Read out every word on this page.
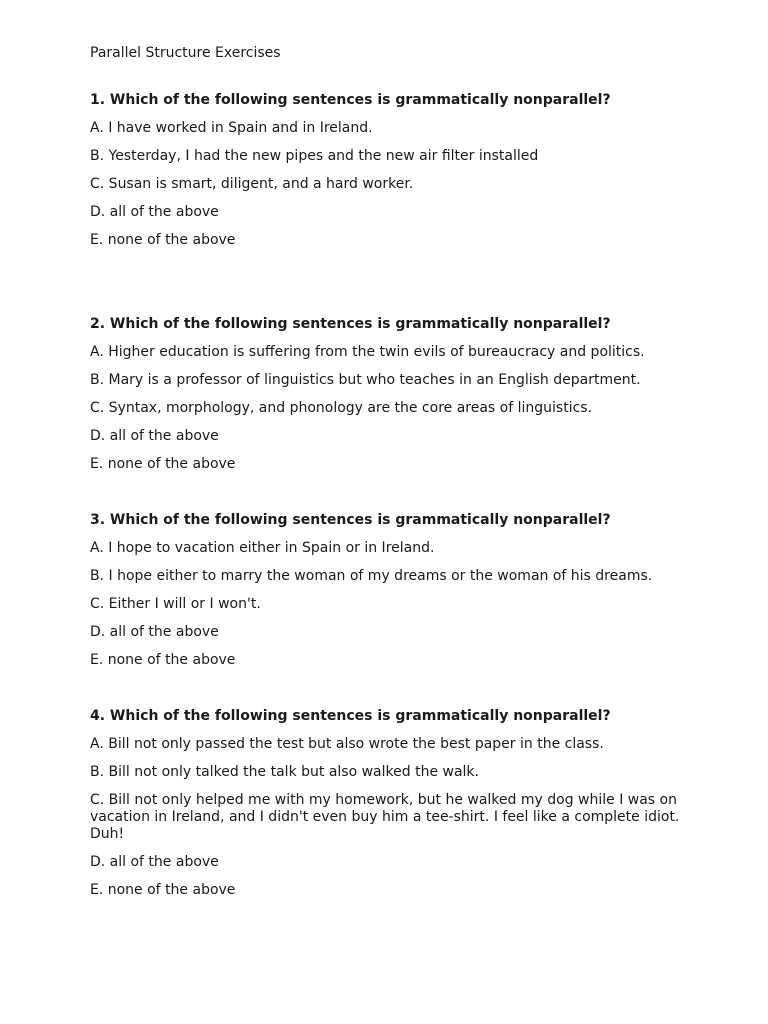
Parallel Structure Exercises

1. Which of the following sentences is grammatically nonparallel?

A. I have worked in Spain and in Ireland.

B. Yesterday, I had the new pipes and the new air filter installed

C. Susan is smart, diligent, and a hard worker.

D. all of the above

E. none of the above

2. Which of the following sentences is grammatically nonparallel?

A. Higher education is suffering from the twin evils of bureaucracy and politics.

B. Mary is a professor of linguistics but who teaches in an English department.

C. Syntax, morphology, and phonology are the core areas of linguistics.

D. all of the above

E. none of the above

3. Which of the following sentences is grammatically nonparallel?

A. I hope to vacation either in Spain or in Ireland.

B. I hope either to marry the woman of my dreams or the woman of his dreams.

C. Either I will or I won't.

D. all of the above

E. none of the above

4. Which of the following sentences is grammatically nonparallel?

A. Bill not only passed the test but also wrote the best paper in the class.

B. Bill not only talked the talk but also walked the walk.

C. Bill not only helped me with my homework, but he walked my dog while I was on vacation in Ireland, and I didn't even buy him a tee-shirt. I feel like a complete idiot. Duh!

D. all of the above

E. none of the above
